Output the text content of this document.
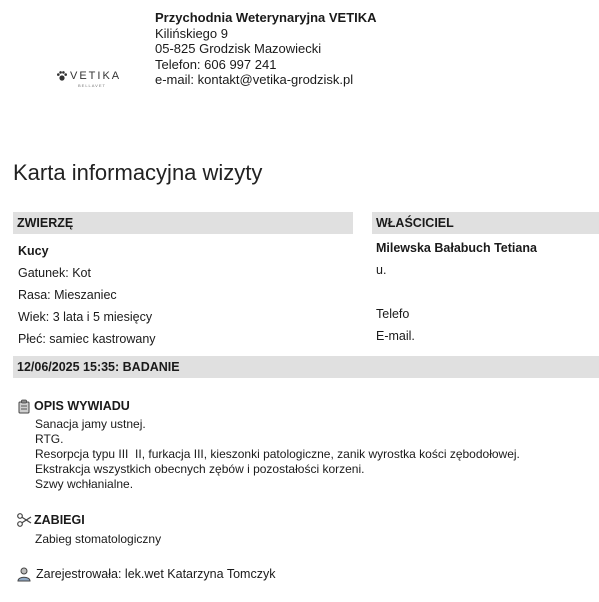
VETIKA
BELLAVET
Przychodnia Weterynaryjna VETIKA
Kilińskiego 9
05-825 Grodzisk Mazowiecki
Telefon: 606 997 241
e-mail: kontakt@vetika-grodzisk.pl
Karta informacyjna wizyty
ZWIERZĘ	WŁAŚCICIEL
Kucy
Gatunek: Kot
Rasa: Mieszaniec
Wiek: 3 lata i 5 miesięcy
Płeć: samiec kastrowany
Milewska Bałabuch Tetiana
u.

Telefo
E-mail.
12/06/2025 15:35: BADANIE
OPIS WYWIADU
Sanacja jamy ustnej.
RTG.
Resorpcja typu III  II, furkacja III, kieszonki patologiczne, zanik wyrostka kości zębodołowej.
Ekstrakcja wszystkich obecnych zębów i pozostałości korzeni.
Szwy wchłanialne.
ZABIEGI
Zabieg stomatologiczny
Zarejestrowała: lek.wet Katarzyna Tomczyk
